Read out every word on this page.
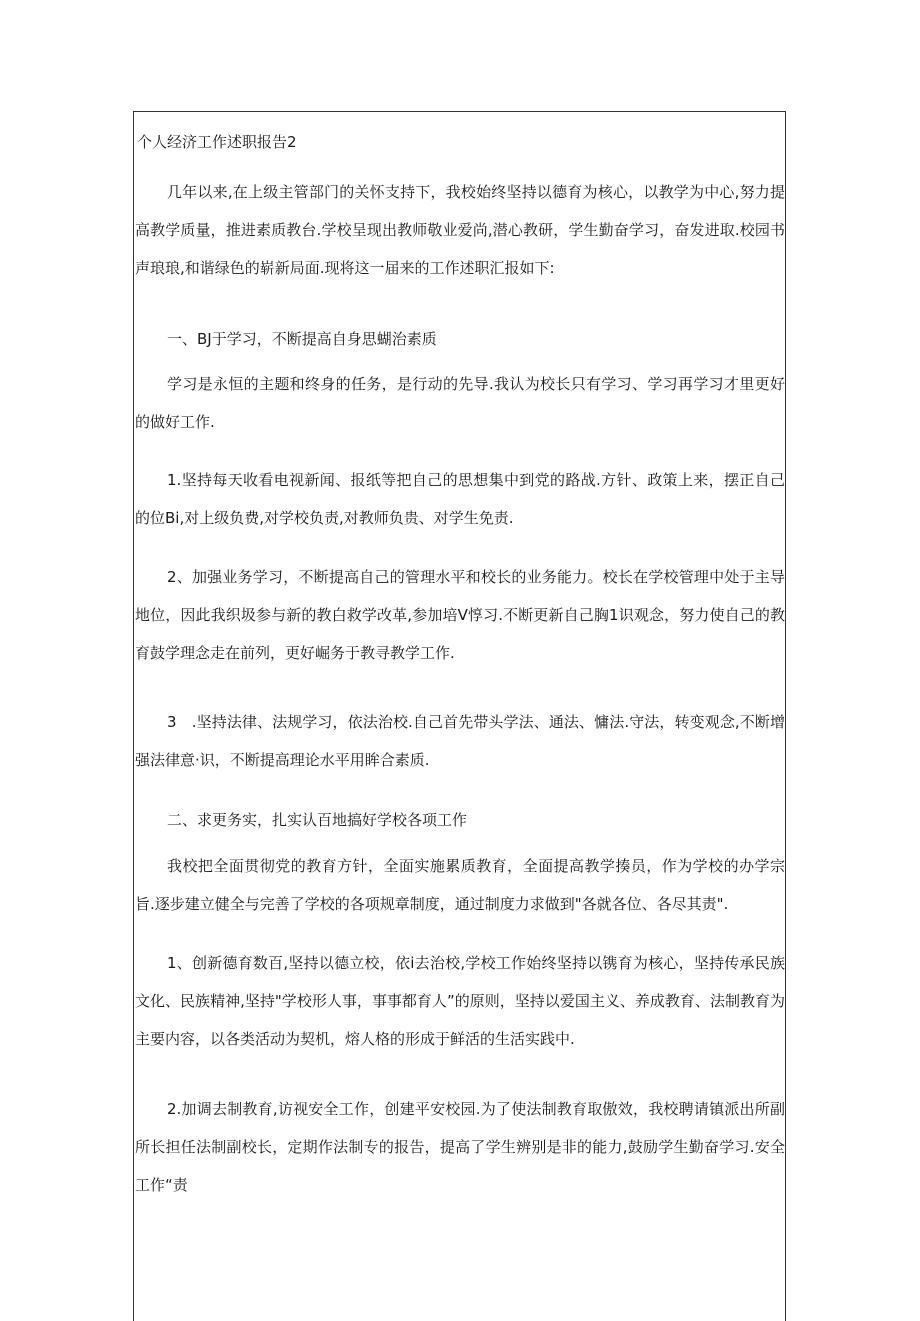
个人经济工作述职报告2

几年以来,在上级主管部门的关怀支持下，我校始终坚持以德育为核心，以教学为中心,努力提高教学质量，推进素质教台.学校呈现出教师敬业爱尚,潜心教研，学生勤奋学习，奋发进取.校园书声琅琅,和谐绿色的崭新局面.现将这一届来的工作述职汇报如下:

一、BJ于学习，不断提高自身思蝴治素质

学习是永恒的主题和终身的任务，是行动的先导.我认为校长只有学习、学习再学习才里更好的做好工作.

1.坚持每天收看电视新闻、报纸等把自己的思想集中到党的路战.方针、政策上来，摆正自己的位Bi,对上级负费,对学校负责,对教师负贵、对学生免责.

2、加强业务学习，不断提高自己的管理水平和校长的业务能力。校长在学校管理中处于主导地位，因此我织圾参与新的教白救学改革,参加培V惇习.不断更新自己胸1识观念，努力使自己的教育鼓学理念走在前列，更好崛务于教寻教学工作.

3　.坚持法律、法规学习，依法治校.自己首先带头学法、通法、慵法.守法，转变观念,不断增强法律意·识，不断提高理论水平用眸合素质.

二、求更务实，扎实认百地搞好学校各项工作

我校把全面贯彻党的教育方针，全面实施累质教育，全面提高教学揍员，作为学校的办学宗旨.逐步建立健全与完善了学校的各项规章制度，通过制度力求做到"各就各位、各尽其责".

1、创新德育数百,坚持以德立校，依i去治校,学校工作始终坚持以镌育为核心，坚持传承民族文化、民族精神,坚持"学校形人事，事事都育人”的原则，坚持以爱国主义、养成教育、法制教育为主要内容，以各类活动为契机，熔人格的形成于鲜活的生活实践中.

2.加调去制教育,访视安全工作，创建平安校园.为了使法制教育取傲效，我校聘请镇派出所副所长担任法制副校长，定期作法制专的报告，提高了学生辨别是非的能力,鼓励学生勤奋学习.安全工作“责
